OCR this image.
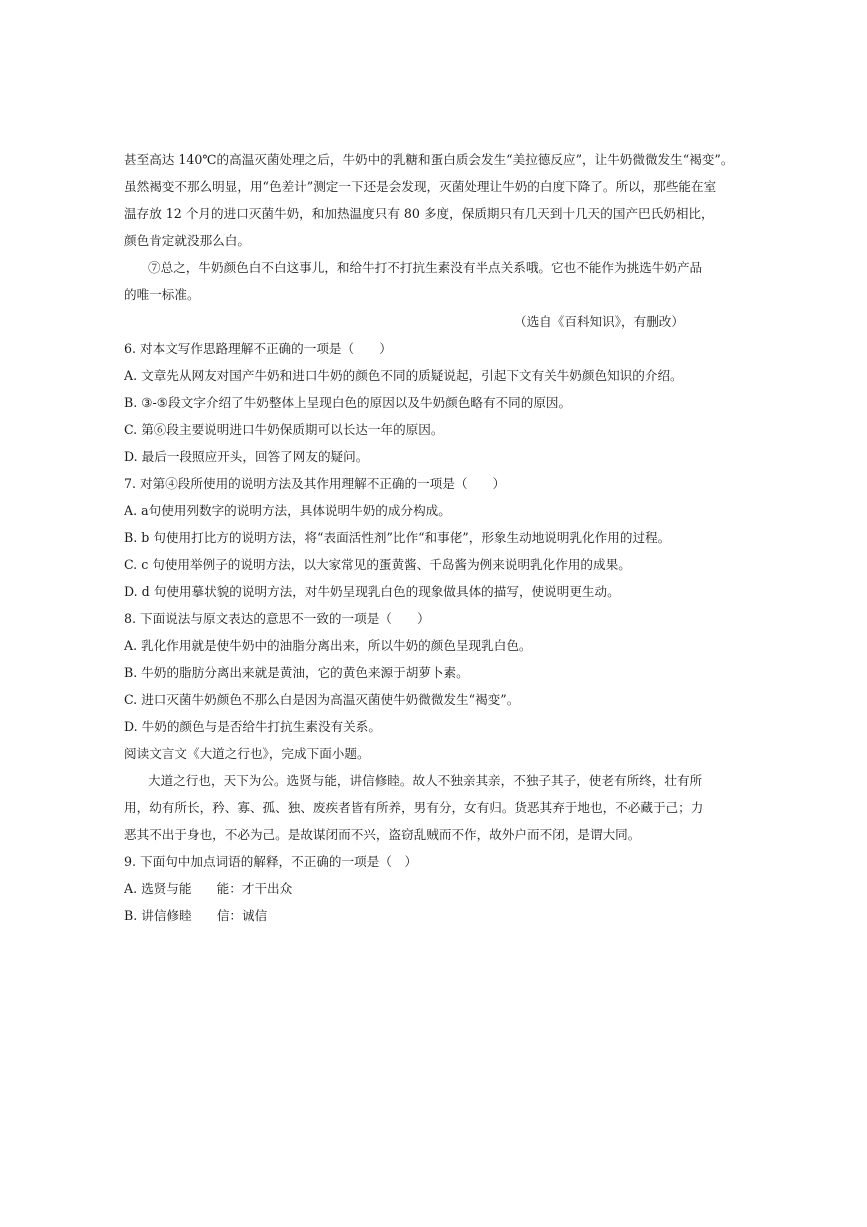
甚至高达 140℃的高温灭菌处理之后，牛奶中的乳糖和蛋白质会发生“美拉德反应”，让牛奶微微发生“褐变”。
虽然褐变不那么明显，用“色差计”测定一下还是会发现，灭菌处理让牛奶的白度下降了。所以，那些能在室
温存放 12 个月的进口灭菌牛奶，和加热温度只有 80 多度，保质期只有几天到十几天的国产巴氏奶相比，
颜色肯定就没那么白。
⑦总之，牛奶颜色白不白这事儿，和给牛打不打抗生素没有半点关系哦。它也不能作为挑选牛奶产品
的唯一标准。
（选自《百科知识》，有删改）
6. 对本文写作思路理解不正确的一项是（　　）
A. 文章先从网友对国产牛奶和进口牛奶的颜色不同的质疑说起，引起下文有关牛奶颜色知识的介绍。
B. ③-⑤段文字介绍了牛奶整体上呈现白色的原因以及牛奶颜色略有不同的原因。
C. 第⑥段主要说明进口牛奶保质期可以长达一年的原因。
D. 最后一段照应开头，回答了网友的疑问。
7. 对第④段所使用的说明方法及其作用理解不正确的一项是（　　）
A. a句使用列数字的说明方法，具体说明牛奶的成分构成。
B. b 句使用打比方的说明方法，将“表面活性剂”比作“和事佬”，形象生动地说明乳化作用的过程。
C. c 句使用举例子的说明方法，以大家常见的蛋黄酱、千岛酱为例来说明乳化作用的成果。
D. d 句使用摹状貌的说明方法，对牛奶呈现乳白色的现象做具体的描写，使说明更生动。
8. 下面说法与原文表达的意思不一致的一项是（　　）
A. 乳化作用就是使牛奶中的油脂分离出来，所以牛奶的颜色呈现乳白色。
B. 牛奶的脂肪分离出来就是黄油，它的黄色来源于胡萝卜素。
C. 进口灭菌牛奶颜色不那么白是因为高温灭菌使牛奶微微发生“褐变”。
D. 牛奶的颜色与是否给牛打抗生素没有关系。
阅读文言文《大道之行也》，完成下面小题。
大道之行也，天下为公。选贤与能，讲信修睦。故人不独亲其亲，不独子其子，使老有所终，壮有所
用，幼有所长，矜、寡、孤、独、废疾者皆有所养，男有分，女有归。货恶其弃于地也，不必藏于己；力
恶其不出于身也，不必为己。是故谋闭而不兴，盗窃乱贼而不作，故外户而不闭，是谓大同。
9. 下面句中加点词语的解释，不正确的一项是（　）
A. 选贤与能　　能：才干出众
B. 讲信修睦　　信：诚信
